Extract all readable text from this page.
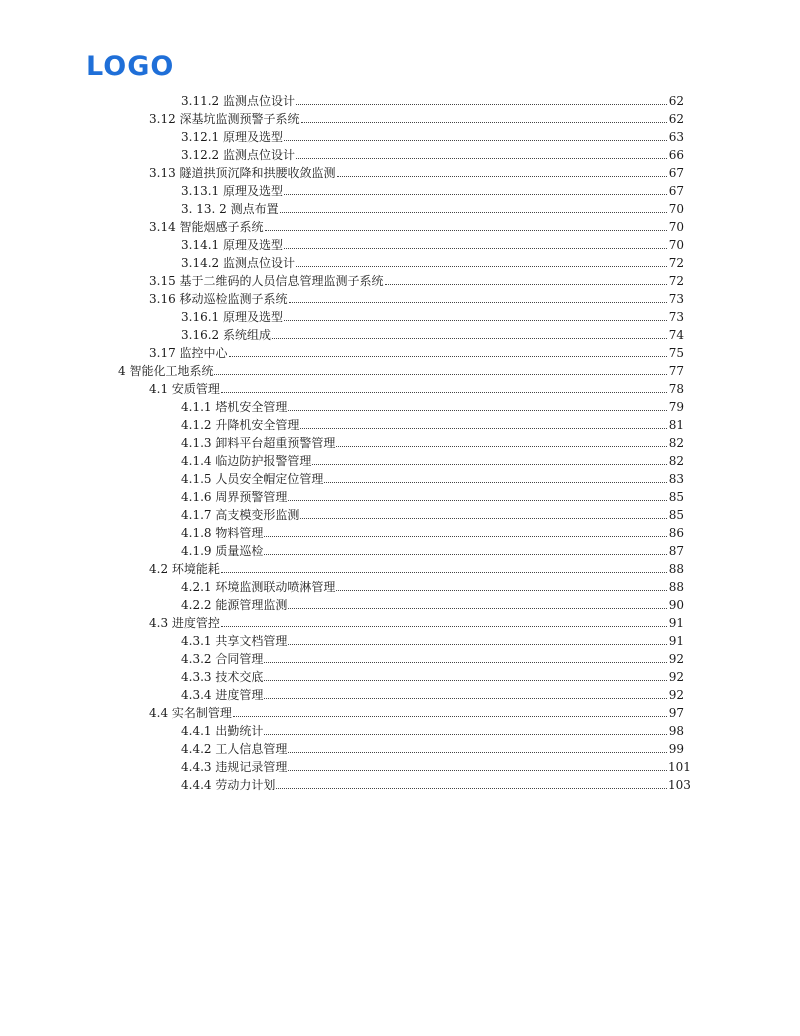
LOGO
3.11.2 监测点位设计	62
3.12 深基坑监测预警子系统	62
3.12.1 原理及选型	63
3.12.2 监测点位设计	66
3.13 隧道拱顶沉降和拱腰收敛监测	67
3.13.1 原理及选型	67
3. 13. 2 测点布置	70
3.14 智能烟感子系统	70
3.14.1 原理及选型	70
3.14.2 监测点位设计	72
3.15 基于二维码的人员信息管理监测子系统	72
3.16 移动巡检监测子系统	73
3.16.1 原理及选型	73
3.16.2 系统组成	74
3.17 监控中心	75
4 智能化工地系统	77
4.1 安质管理	78
4.1.1 塔机安全管理	79
4.1.2 升降机安全管理	81
4.1.3 卸料平台超重预警管理	82
4.1.4 临边防护报警管理	82
4.1.5 人员安全帽定位管理	83
4.1.6 周界预警管理	85
4.1.7 高支模变形监测	85
4.1.8 物料管理	86
4.1.9 质量巡检	87
4.2 环境能耗	88
4.2.1 环境监测联动喷淋管理	88
4.2.2 能源管理监测	90
4.3 进度管控	91
4.3.1 共享文档管理	91
4.3.2 合同管理	92
4.3.3 技术交底	92
4.3.4 进度管理	92
4.4 实名制管理	97
4.4.1 出勤统计	98
4.4.2 工人信息管理	99
4.4.3 违规记录管理	101
4.4.4 劳动力计划	103
